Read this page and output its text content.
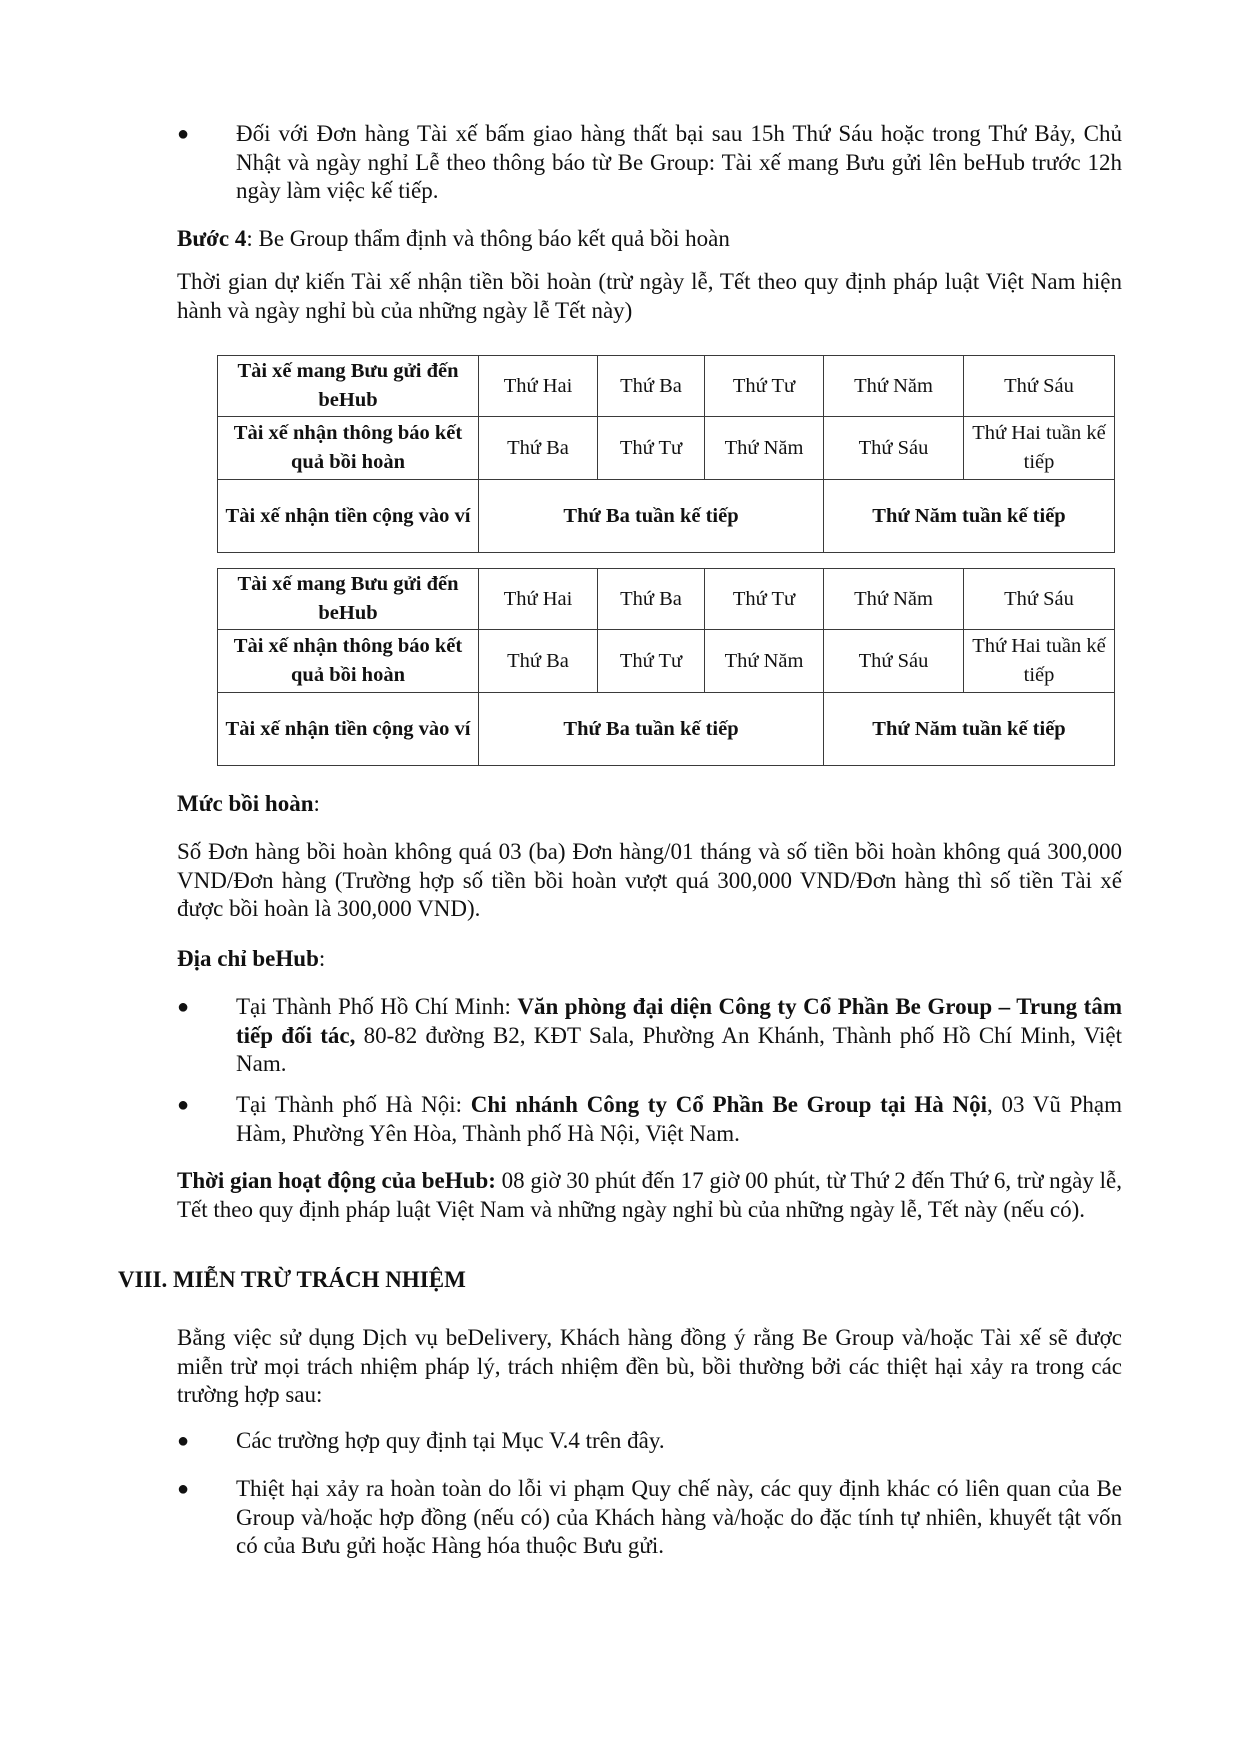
●	Đối với Đơn hàng Tài xế bấm giao hàng thất bại sau 15h Thứ Sáu hoặc trong Thứ Bảy, Chủ Nhật và ngày nghỉ Lễ theo thông báo từ Be Group: Tài xế mang Bưu gửi lên beHub trước 12h ngày làm việc kế tiếp.

Bước 4: Be Group thẩm định và thông báo kết quả bồi hoàn

Thời gian dự kiến Tài xế nhận tiền bồi hoàn (trừ ngày lễ, Tết theo quy định pháp luật Việt Nam hiện hành và ngày nghỉ bù của những ngày lễ Tết này)

Tài xế mang Bưu gửi đến beHub	Thứ Hai	Thứ Ba	Thứ Tư	Thứ Năm	Thứ Sáu
Tài xế nhận thông báo kết quả bồi hoàn	Thứ Ba	Thứ Tư	Thứ Năm	Thứ Sáu	Thứ Hai tuần kế tiếp
Tài xế nhận tiền cộng vào ví	Thứ Ba tuần kế tiếp			Thứ Năm tuần kế tiếp	
Tài xế mang Bưu gửi đến beHub	Thứ Hai	Thứ Ba	Thứ Tư	Thứ Năm	Thứ Sáu
Tài xế nhận thông báo kết quả bồi hoàn	Thứ Ba	Thứ Tư	Thứ Năm	Thứ Sáu	Thứ Hai tuần kế tiếp
Tài xế nhận tiền cộng vào ví	Thứ Ba tuần kế tiếp			Thứ Năm tuần kế tiếp	

Mức bồi hoàn:

Số Đơn hàng bồi hoàn không quá 03 (ba) Đơn hàng/01 tháng và số tiền bồi hoàn không quá 300,000 VND/Đơn hàng (Trường hợp số tiền bồi hoàn vượt quá 300,000 VND/Đơn hàng thì số tiền Tài xế được bồi hoàn là 300,000 VND).

Địa chỉ beHub:

●	Tại Thành Phố Hồ Chí Minh: Văn phòng đại diện Công ty Cổ Phần Be Group – Trung tâm tiếp đối tác, 80-82 đường B2, KĐT Sala, Phường An Khánh, Thành phố Hồ Chí Minh, Việt Nam.

●	Tại Thành phố Hà Nội: Chi nhánh Công ty Cổ Phần Be Group tại Hà Nội, 03 Vũ Phạm Hàm, Phường Yên Hòa, Thành phố Hà Nội, Việt Nam.

Thời gian hoạt động của beHub: 08 giờ 30 phút đến 17 giờ 00 phút, từ Thứ 2 đến Thứ 6, trừ ngày lễ, Tết theo quy định pháp luật Việt Nam và những ngày nghỉ bù của những ngày lễ, Tết này (nếu có).

VIII. MIỄN TRỪ TRÁCH NHIỆM

Bằng việc sử dụng Dịch vụ beDelivery, Khách hàng đồng ý rằng Be Group và/hoặc Tài xế sẽ được miễn trừ mọi trách nhiệm pháp lý, trách nhiệm đền bù, bồi thường bởi các thiệt hại xảy ra trong các trường hợp sau:

●	Các trường hợp quy định tại Mục V.4 trên đây.

●	Thiệt hại xảy ra hoàn toàn do lỗi vi phạm Quy chế này, các quy định khác có liên quan của Be Group và/hoặc hợp đồng (nếu có) của Khách hàng và/hoặc do đặc tính tự nhiên, khuyết tật vốn có của Bưu gửi hoặc Hàng hóa thuộc Bưu gửi.
